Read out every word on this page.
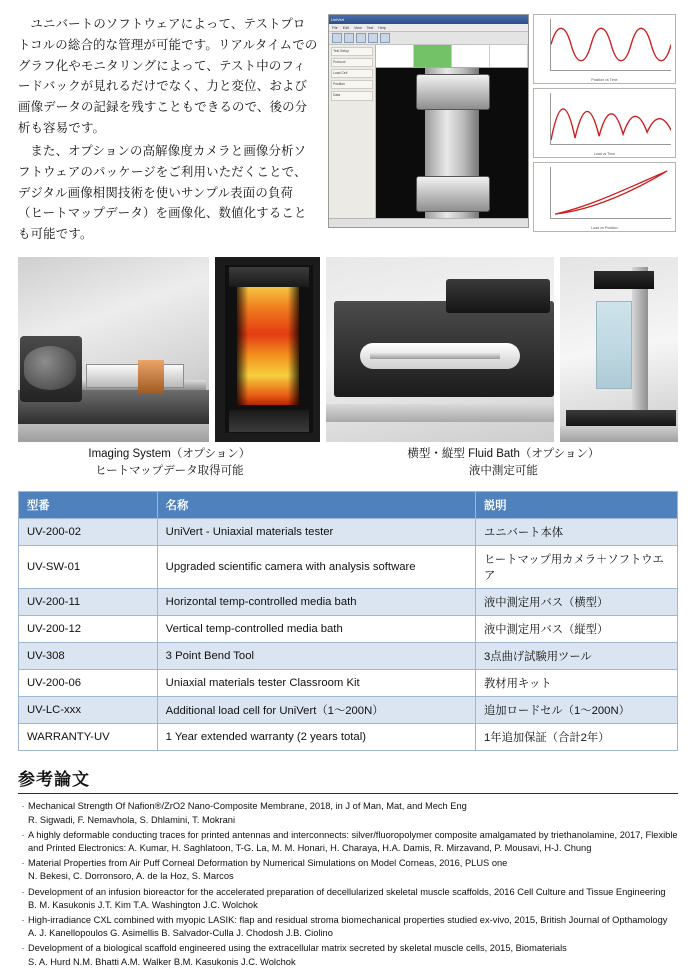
ユニバートのソフトウェアによって、テストプロトコルの総合的な管理が可能です。リアルタイムでのグラフ化やモニタリングによって、テスト中のフィードバックが見れるだけでなく、力と変位、および画像データの記録を残すこともできるので、後の分析も容易です。

また、オプションの高解像度カメラと画像分析ソフトウェアのパッケージをご利用いただくことで、デジタル画像相関技術を使いサンプル表面の負荷（ヒートマップデータ）を画像化、数値化することも可能です。

UniVert
File Edit View Test Help
Test Setup
Protocol
Load Cell
Position
Data
Position vs Time
Load vs Time
Load vs Position
Imaging System（オプション）
ヒートマップデータ取得可能
横型・縦型 Fluid Bath（オプション）
液中測定可能
型番	名称	説明
UV-200-02	UniVert - Uniaxial materials tester	ユニバート本体
UV-SW-01	Upgraded scientific camera with analysis software	ヒートマップ用カメラ＋ソフトウエア
UV-200-11	Horizontal temp-controlled media bath	液中測定用バス（横型）
UV-200-12	Vertical temp-controlled media bath	液中測定用バス（縦型）
UV-308	3 Point Bend Tool	3点曲げ試験用ツール
UV-200-06	Uniaxial materials tester Classroom Kit	教材用キット
UV-LC-xxx	Additional load cell for UniVert（1〜200N）	追加ロードセル（1〜200N）
WARRANTY-UV	1 Year extended warranty (2 years total)	1年追加保証（合計2年）
参考論文
· Mechanical Strength Of Nafion®/ZrO2 Nano-Composite Membrane, 2018, in J of Man, Mat, and Mech Eng
R. Sigwadi, F. Nemavhola, S. Dhlamini, T. Mokrani
· A highly deformable conducting traces for printed antennas and interconnects: silver/fluoropolymer composite amalgamated by triethanolamine, 2017, Flexible and Printed Electronics: A. Kumar, H. Saghlatoon, T-G. La, M. M. Honari, H. Charaya, H.A. Damis, R. Mirzavand, P. Mousavi, H-J. Chung
· Material Properties from Air Puff Corneal Deformation by Numerical Simulations on Model Corneas, 2016, PLUS one
N. Bekesi, C. Dorronsoro, A. de la Hoz, S. Marcos
· Development of an infusion bioreactor for the accelerated preparation of decellularized skeletal muscle scaffolds, 2016 Cell Culture and Tissue Engineering
B. M. Kasukonis J.T. Kim T.A. Washington J.C. Wolchok
· High-irradiance CXL combined with myopic LASIK: flap and residual stroma biomechanical properties studied ex-vivo, 2015, British Journal of Opthamology
A. J. Kanellopoulos G. Asimellis B. Salvador-Culla J. Chodosh J.B. Ciolino
· Development of a biological scaffold engineered using the extracellular matrix secreted by skeletal muscle cells, 2015, Biomaterials
S. A. Hurd N.M. Bhatti A.M. Walker B.M. Kasukonis J.C. Wolchok
